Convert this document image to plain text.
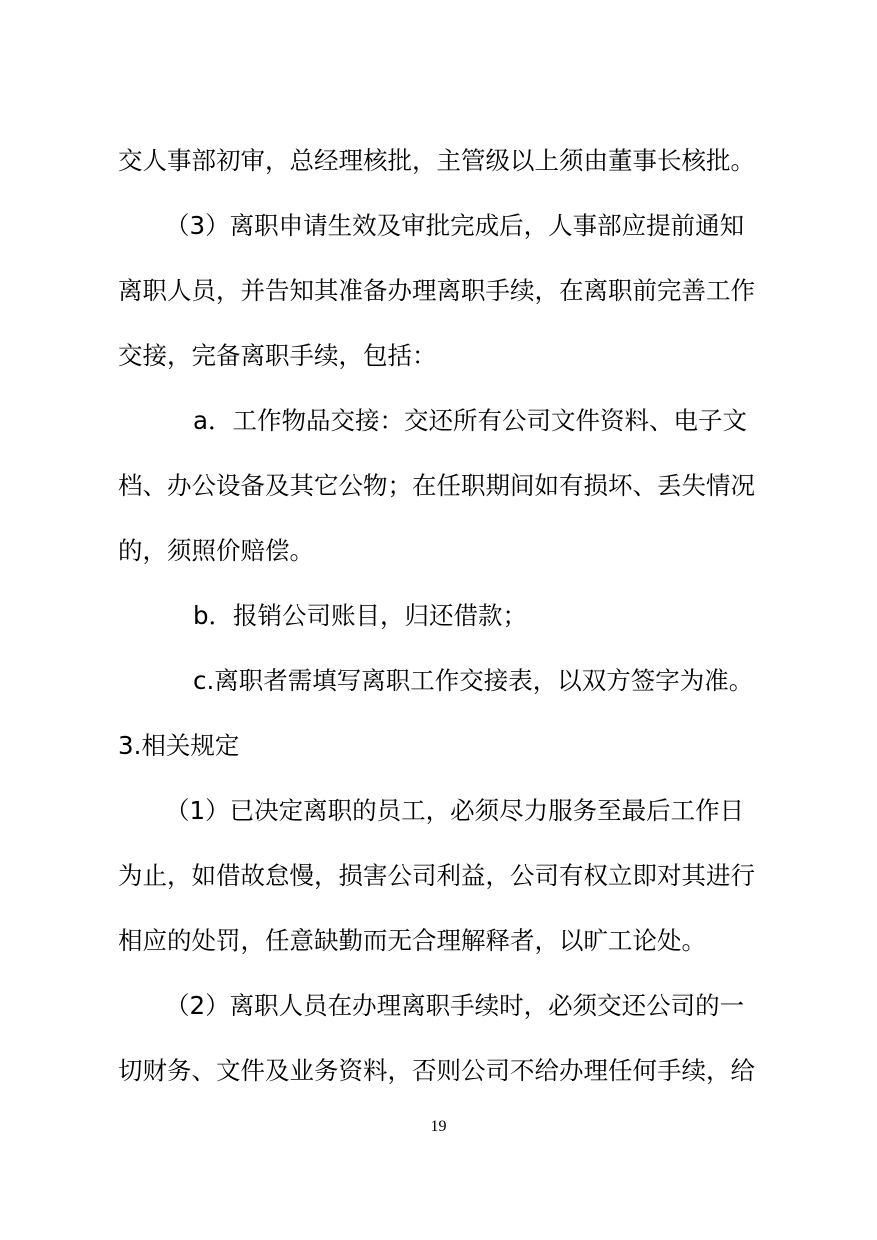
交人事部初审，总经理核批，主管级以上须由董事长核批。
（3）离职申请生效及审批完成后，人事部应提前通知
离职人员，并告知其准备办理离职手续，在离职前完善工作
交接，完备离职手续，包括：
a．工作物品交接：交还所有公司文件资料、电子文
档、办公设备及其它公物；在任职期间如有损坏、丢失情况
的，须照价赔偿。
b．报销公司账目，归还借款；
c.离职者需填写离职工作交接表，以双方签字为准。
3.相关规定
（1）已决定离职的员工，必须尽力服务至最后工作日
为止，如借故怠慢，损害公司利益，公司有权立即对其进行
相应的处罚，任意缺勤而无合理解释者，以旷工论处。
（2）离职人员在办理离职手续时，必须交还公司的一
切财务、文件及业务资料，否则公司不给办理任何手续，给
19
